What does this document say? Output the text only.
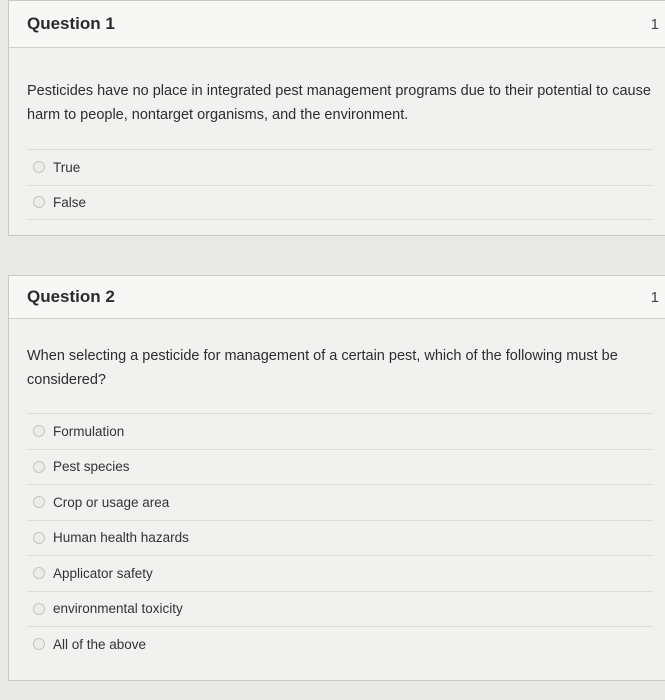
Question 1	1

Pesticides have no place in integrated pest management programs due to their potential to cause harm to people, nontarget organisms, and the environment.

True
False
Question 2	1

When selecting a pesticide for management of a certain pest, which of the following must be considered?

Formulation
Pest species
Crop or usage area
Human health hazards
Applicator safety
environmental toxicity
All of the above
